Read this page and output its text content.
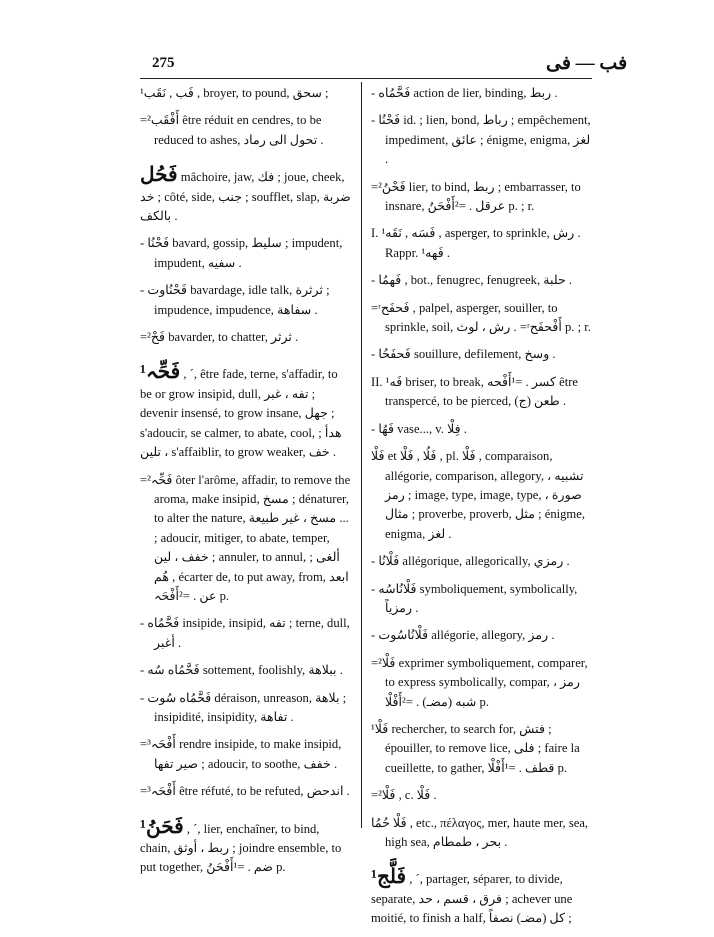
275	فب — فی
¹فَب , نَقَب , broyer, to pound, سحق ;
=²أَفْقَب être réduit en cendres, to be reduced to ashes, تحول الى رماد .
فَحُل mâchoire, jaw, فك ; joue, cheek, خد ; côté, side, جنب ; soufflet, slap, ضربة بالكف .
- فَحْنُا bavard, gossip, سليط ; impudent, impudent, سفيه .
- فَحْنُاوت bavardage, idle talk, ثرثرة ; impudence, impudence, سفاهة .
=²فَحْ bavarder, to chatter, ثرثر .
¹فَحِّہ , ´, être fade, terne, s'affadir, to be or grow insipid, dull, تفه ، غبر ; devenir insensé, to grow insane, جهل ; s'adoucir, se calmer, to abate, cool, هدأ ; تلين ، s'affaiblir, to grow weaker, خف .
=²فَحِّہ ôter l'arôme, affadir, to remove the aroma, make insipid, مسخ ; dénaturer, to alter the nature, مسخ ، غير طبيعة ... ; adoucir, mitiger, to abate, temper, خفف ، لين ; annuler, to annul, ألغى ; هُم , écarter de, to put away, from, ابعد عن . =²أَفْحَہ p.
- فَحَّمُاه insipide, insipid, تفه ; terne, dull, أغبر .
- فَحَّمُاه سُه sottement, foolishly, ببلاهة .
- فَحَّمُاه سُوت déraison, unreason, بلاهة ; insipidité, insipidity, تفاهة .
=³أَفْحَہ rendre insipide, to make insipid, صير تفها ; adoucir, to soothe, خفف .
=³أَفْحَہ être réfuté, to be refuted, اندحض .
¹فَحَنُ , ´, lier, enchaîner, to bind, chain, ربط ، أوثق ; joindre ensemble, to put together, ضم . =¹أَفْحَنُ p.
- فَحَّمُاه action de lier, binding, ربط .
- فَحْنُا id. ; lien, bond, رباط ; empêchement, impediment, عائق ; énigme, enigma, لغز .
=²فَحْنُ lier, to bind, ربط ; embarrasser, to insnare, عرقل . =²أَفْحَنُ p. ; r.
I. ¹فَسَه , نَقَه , asperger, to sprinkle, رش . Rappr. ¹فَهه .
- فَهمُا , bot., fenugrec, fenugreek, حلبة .
=ʳفَحفَح , palpel, asperger, souiller, to sprinkle, soil, رش ، لوث . =ʳأَفْحفَح p. ; r.
- فَحفَحُا souillure, defilement, وسخ .
II. ¹فَه briser, to break, كسر . =¹أَفْحه être transpercé, to be pierced, طعن (ج) .
- فَهُا vase..., v. فِلْا .
فَلْا et فَلُا , فَلْا , pl. فَلْا , comparaison, allégorie, comparison, allegory, تشبيه ، رمز ; image, type, image, type, صورة ، مثال ; proverbe, proverb, مثل ; énigme, enigma, لغز .
- فَلْانُا allégorique, allegorically, رمزي .
- فَلْانُاسُه symboliquement, symbolically, رمزياً .
- فَلْانُاسُوت allégorie, allegory, رمز .
=²فَلْا exprimer symboliquement, comparer, to express symbolically, compar, رمز ، شبه (مضـ) . =²أَفْلْا p.
¹فَلْا rechercher, to search for, فتش ; épouiller, to remove lice, فلى ; faire la cueillette, to gather, قطف . =¹أَفْلْا p.
=²فَلْا , c. فَلْا .
فَلْا حُمُا , etc., πέλαγος, mer, haute mer, sea, high sea, بحر ، طمطام .
¹فَلَّج , ´, partager, séparer, to divide, separate, فرق ، قسم ، حد ; achever une moitié, to finish a half, كل (مضـ) نصفاً ;
